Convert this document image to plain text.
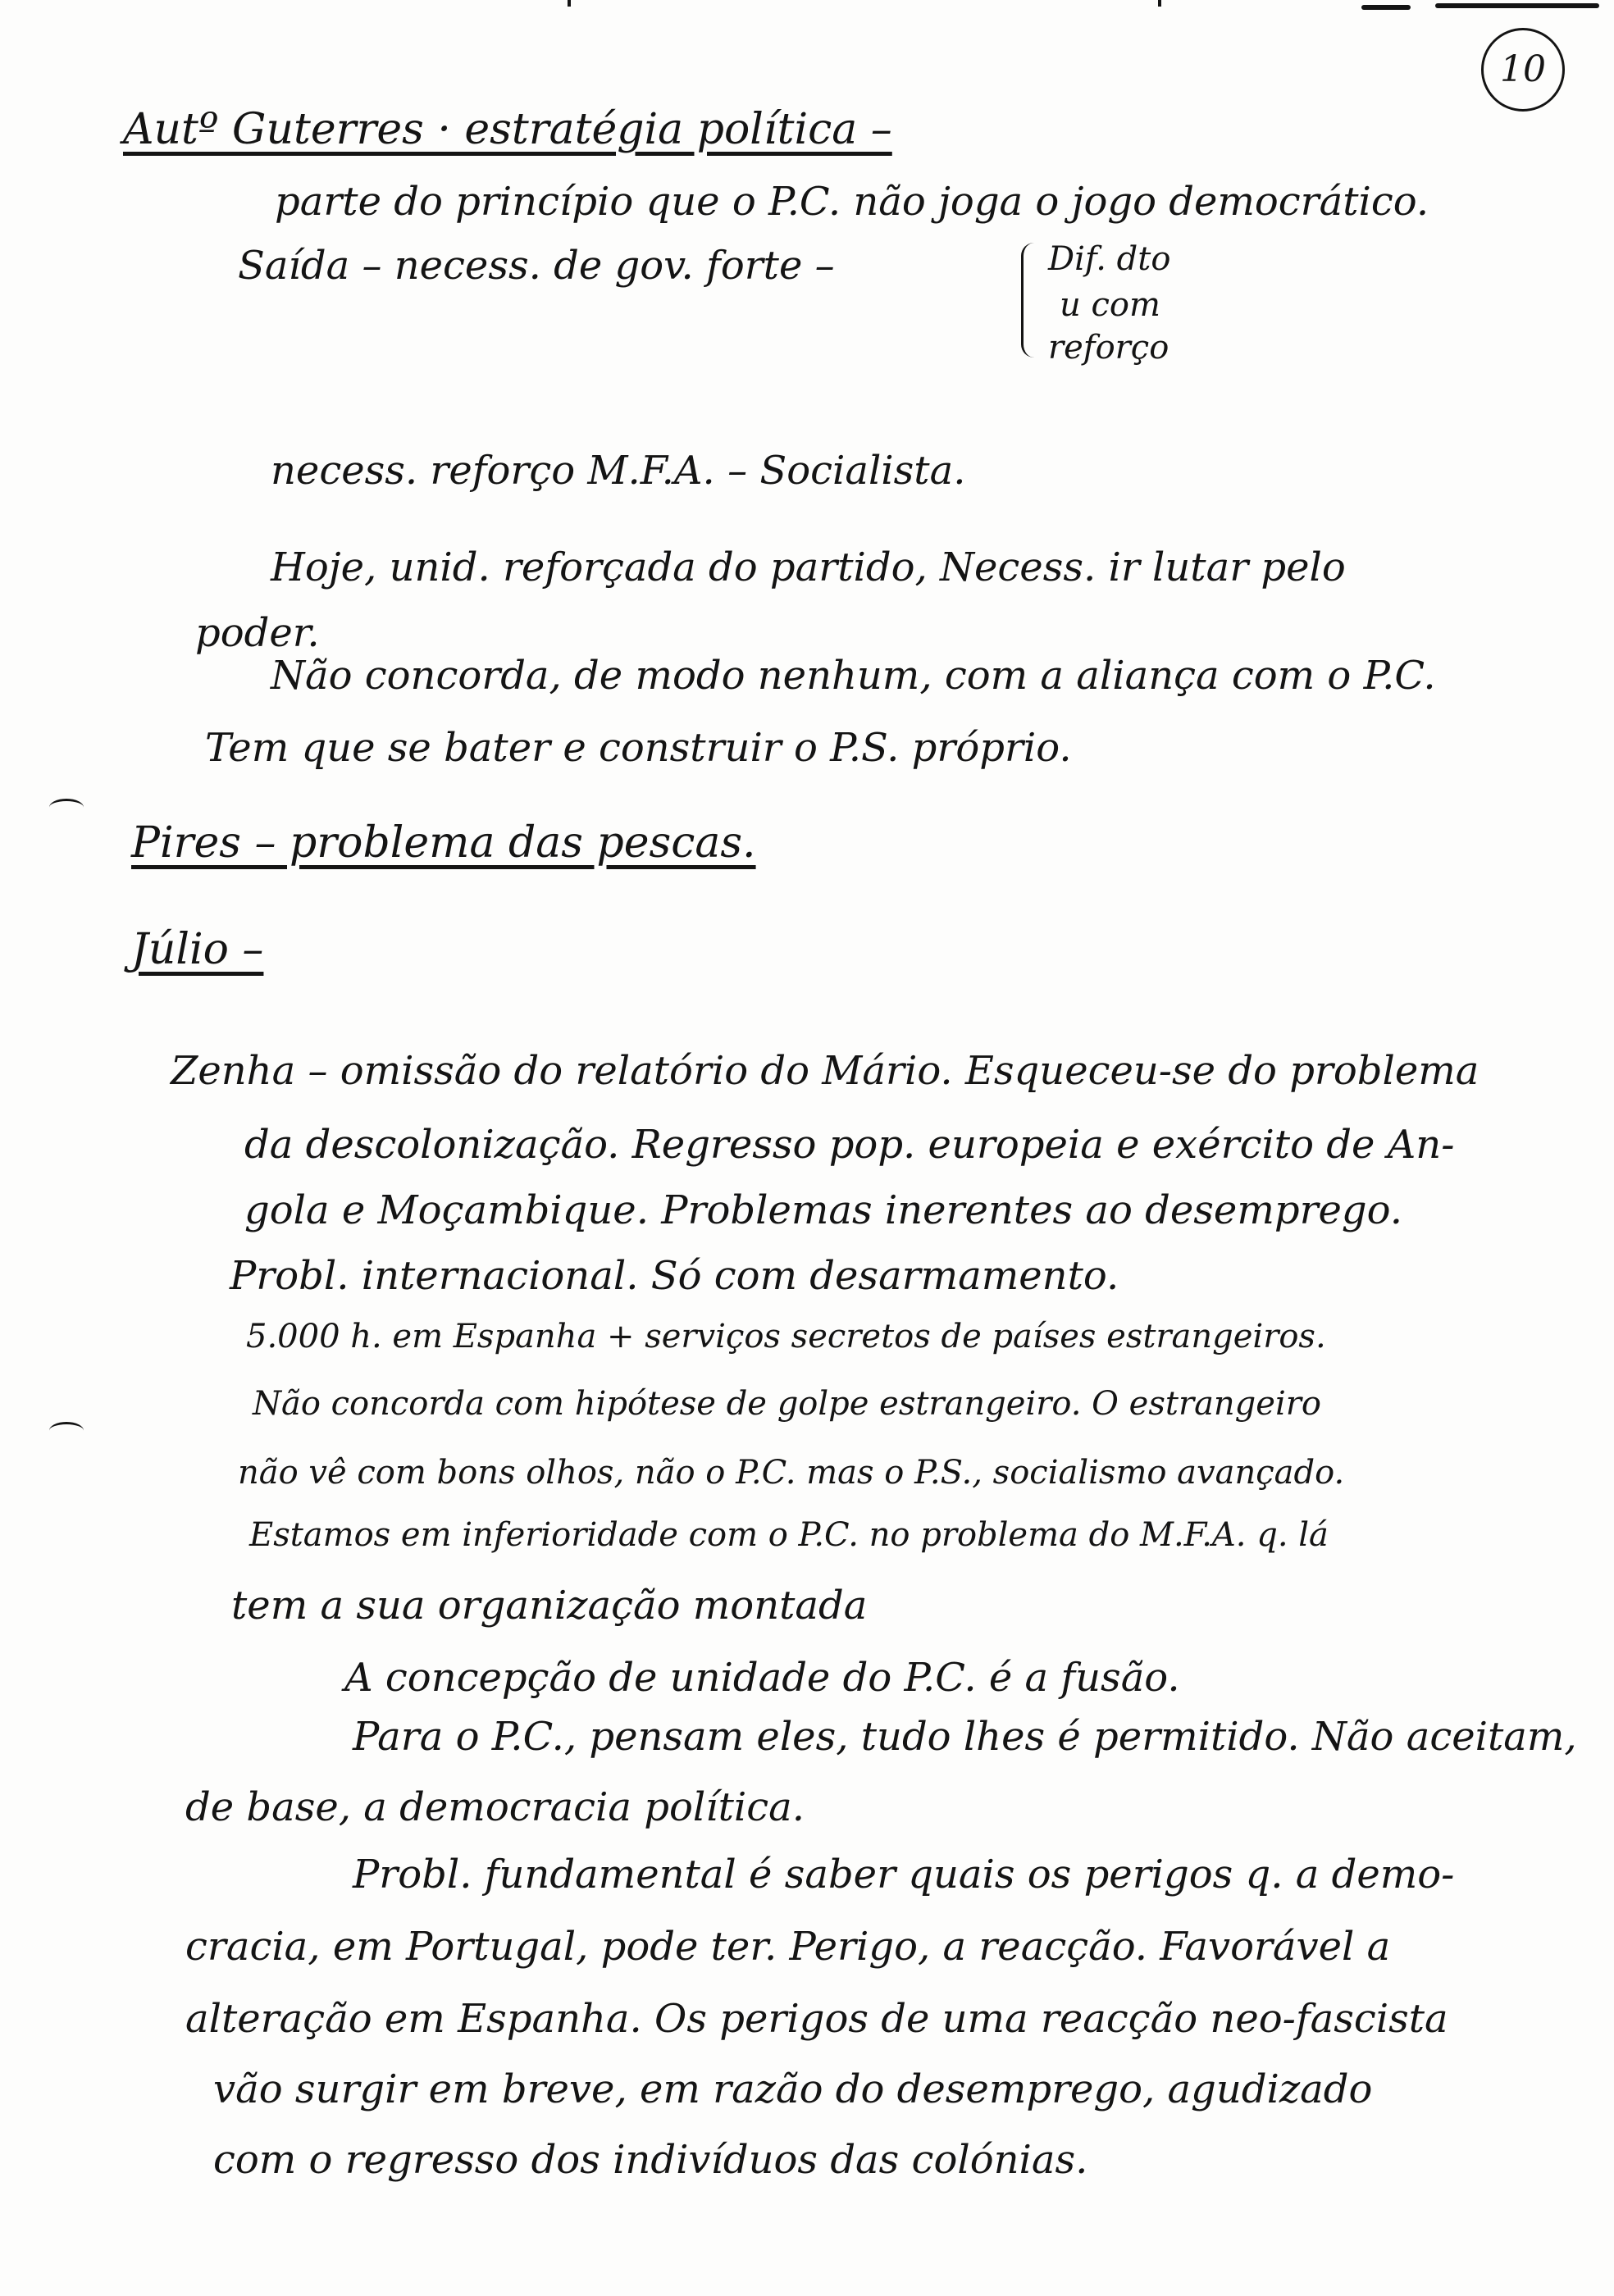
10
Autº Guterres · estratégia política –
parte do princípio que o P.C. não joga o jogo democrático.
Saída – necess. de gov. forte –	Dif. dto
u com
reforço
necess. reforço M.F.A. – Socialista.
Hoje, unid. reforçada do partido, Necess. ir lutar pelo
poder.
Não concorda, de modo nenhum, com a aliança com o P.C.
Tem que se bater e construir o P.S. próprio.
Pires – problema das pescas.
Júlio –
Zenha – omissão do relatório do Mário. Esqueceu-se do problema
da descolonização. Regresso pop. europeia e exército de An-
gola e Moçambique. Problemas inerentes ao desemprego.
Probl. internacional. Só com desarmamento.
5.000 h. em Espanha + serviços secretos de países estrangeiros.
Não concorda com hipótese de golpe estrangeiro. O estrangeiro
não vê com bons olhos, não o P.C. mas o P.S., socialismo avançado.
Estamos em inferioridade com o P.C. no problema do M.F.A. q. lá
tem a sua organização montada
A concepção de unidade do P.C. é a fusão.
Para o P.C., pensam eles, tudo lhes é permitido. Não aceitam,
de base, a democracia política.
Probl. fundamental é saber quais os perigos q. a demo-
cracia, em Portugal, pode ter. Perigo, a reacção. Favorável a
alteração em Espanha. Os perigos de uma reacção neo-fascista
vão surgir em breve, em razão do desemprego, agudizado
com o regresso dos indivíduos das colónias.
